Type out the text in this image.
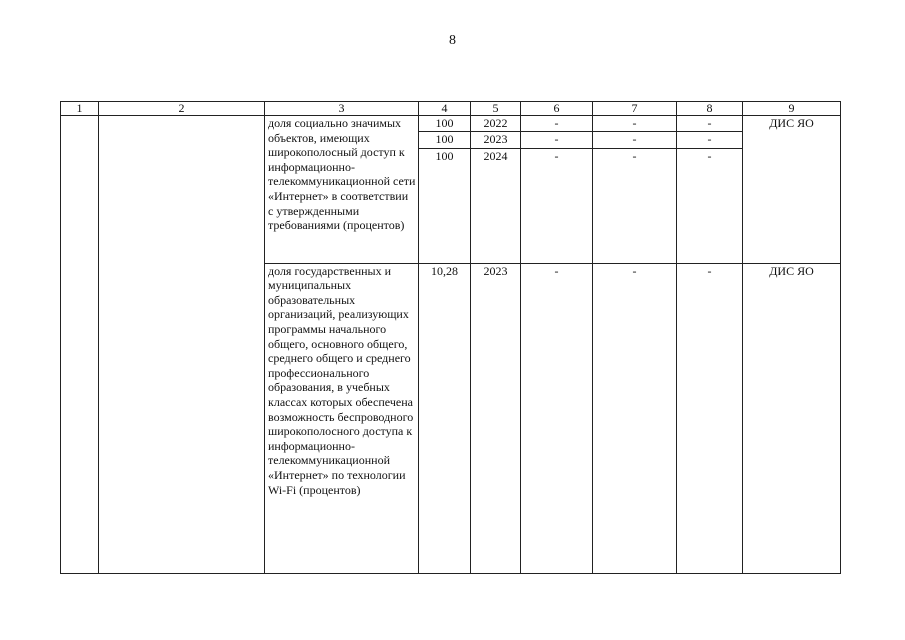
8
1	2	3	4	5	6	7	8	9
		доля социально значимых объектов, имеющих широкополосный доступ к информационно-телекоммуникационной сети «Интернет» в соответствии с утвержденными требованиями (процентов)	100	2022	-	-	-	ДИС ЯО
			100	2023	-	-	-	
			100	2024	-	-	-	
		доля государственных и муниципальных образовательных организаций, реализующих программы начального общего, основного общего, среднего общего и среднего профессионального образования, в учебных классах которых обеспечена возможность беспроводного широкополосного доступа к информационно-телекоммуникационной «Интернет» по технологии Wi-Fi (процентов)	10,28	2023	-	-	-	ДИС ЯО
